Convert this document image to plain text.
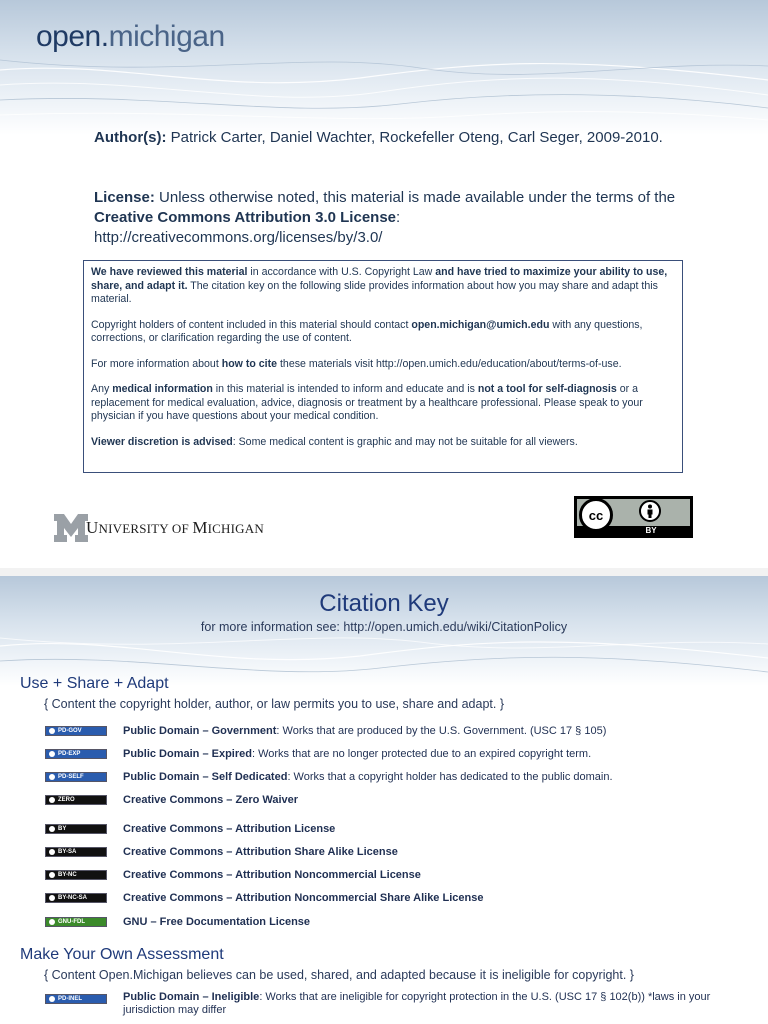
open.michigan
Author(s): Patrick Carter, Daniel Wachter, Rockefeller Oteng, Carl Seger, 2009-2010.
License: Unless otherwise noted, this material is made available under the terms of the Creative Commons Attribution 3.0 License:
http://creativecommons.org/licenses/by/3.0/

We have reviewed this material in accordance with U.S. Copyright Law and have tried to maximize your ability to use, share, and adapt it. The citation key on the following slide provides information about how you may share and adapt this material.

Copyright holders of content included in this material should contact open.michigan@umich.edu with any questions, corrections, or clarification regarding the use of content.

For more information about how to cite these materials visit http://open.umich.edu/education/about/terms-of-use.

Any medical information in this material is intended to inform and educate and is not a tool for self-diagnosis or a replacement for medical evaluation, advice, diagnosis or treatment by a healthcare professional. Please speak to your physician if you have questions about your medical condition.

Viewer discretion is advised: Some medical content is graphic and may not be suitable for all viewers.

UNIVERSITY OF MICHIGAN
cc
BY
Citation Key
for more information see: http://open.umich.edu/wiki/CitationPolicy
Use + Share + Adapt
{ Content the copyright holder, author, or law permits you to use, share and adapt. }
PD-GOV	Public Domain – Government: Works that are produced by the U.S. Government. (USC 17 § 105)
PD-EXP	Public Domain – Expired: Works that are no longer protected due to an expired copyright term.
PD-SELF	Public Domain – Self Dedicated: Works that a copyright holder has dedicated to the public domain.
ZERO	Creative Commons – Zero Waiver
BY	Creative Commons – Attribution License
BY-SA	Creative Commons – Attribution Share Alike License
BY-NC	Creative Commons – Attribution Noncommercial License
BY-NC-SA	Creative Commons – Attribution Noncommercial Share Alike License
GNU-FDL	GNU – Free Documentation License
Make Your Own Assessment
{ Content Open.Michigan believes can be used, shared, and adapted because it is ineligible for copyright. }
PD-INEL	Public Domain – Ineligible: Works that are ineligible for copyright protection in the U.S. (USC 17 § 102(b)) *laws in your jurisdiction may differ
